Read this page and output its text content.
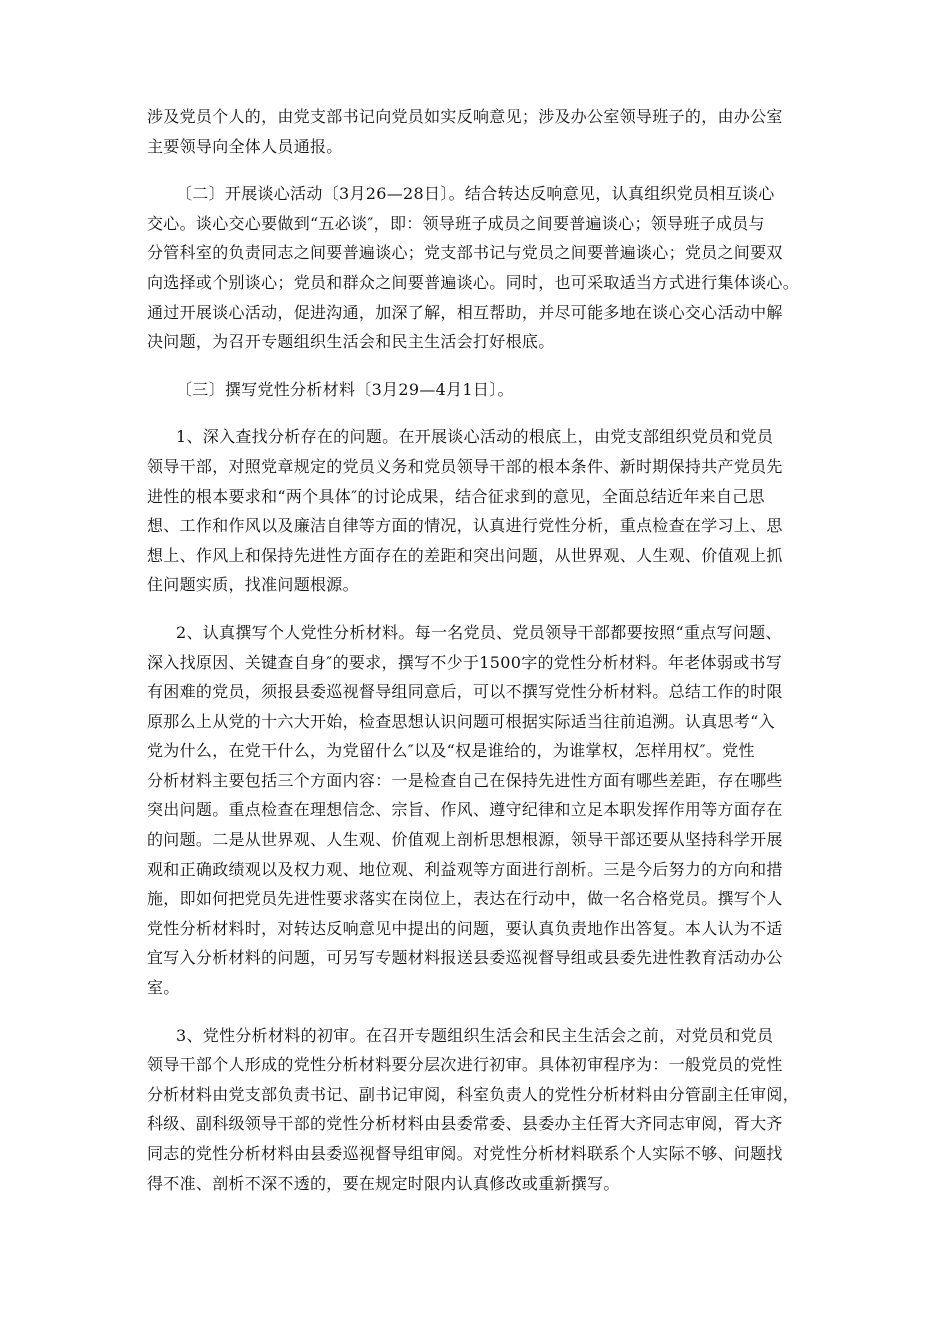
涉及党员个人的，由党支部书记向党员如实反响意见；涉及办公室领导班子的，由办公室
主要领导向全体人员通报。
〔二〕开展谈心活动〔3月26—28日〕。结合转达反响意见，认真组织党员相互谈心
交心。谈心交心要做到“五必谈″，即：领导班子成员之间要普遍谈心；领导班子成员与
分管科室的负责同志之间要普遍谈心；党支部书记与党员之间要普遍谈心；党员之间要双
向选择或个别谈心；党员和群众之间要普遍谈心。同时，也可采取适当方式进行集体谈心。
通过开展谈心活动，促进沟通，加深了解，相互帮助，并尽可能多地在谈心交心活动中解
决问题，为召开专题组织生活会和民主生活会打好根底。
〔三〕撰写党性分析材料〔3月29—4月1日〕。
1、深入查找分析存在的问题。在开展谈心活动的根底上，由党支部组织党员和党员
领导干部，对照党章规定的党员义务和党员领导干部的根本条件、新时期保持共产党员先
进性的根本要求和“两个具体″的讨论成果，结合征求到的意见，全面总结近年来自己思
想、工作和作风以及廉洁自律等方面的情况，认真进行党性分析，重点检查在学习上、思
想上、作风上和保持先进性方面存在的差距和突出问题，从世界观、人生观、价值观上抓
住问题实质，找准问题根源。
2、认真撰写个人党性分析材料。每一名党员、党员领导干部都要按照“重点写问题、
深入找原因、关键查自身″的要求，撰写不少于1500字的党性分析材料。年老体弱或书写
有困难的党员，须报县委巡视督导组同意后，可以不撰写党性分析材料。总结工作的时限
原那么上从党的十六大开始，检查思想认识问题可根据实际适当往前追溯。认真思考“入
党为什么，在党干什么，为党留什么″以及“权是谁给的，为谁掌权，怎样用权″。党性
分析材料主要包括三个方面内容：一是检查自己在保持先进性方面有哪些差距，存在哪些
突出问题。重点检查在理想信念、宗旨、作风、遵守纪律和立足本职发挥作用等方面存在
的问题。二是从世界观、人生观、价值观上剖析思想根源，领导干部还要从坚持科学开展
观和正确政绩观以及权力观、地位观、利益观等方面进行剖析。三是今后努力的方向和措
施，即如何把党员先进性要求落实在岗位上，表达在行动中，做一名合格党员。撰写个人
党性分析材料时，对转达反响意见中提出的问题，要认真负责地作出答复。本人认为不适
宜写入分析材料的问题，可另写专题材料报送县委巡视督导组或县委先进性教育活动办公
室。
3、党性分析材料的初审。在召开专题组织生活会和民主生活会之前，对党员和党员
领导干部个人形成的党性分析材料要分层次进行初审。具体初审程序为：一般党员的党性
分析材料由党支部负责书记、副书记审阅，科室负责人的党性分析材料由分管副主任审阅，
科级、副科级领导干部的党性分析材料由县委常委、县委办主任胥大齐同志审阅，胥大齐
同志的党性分析材料由县委巡视督导组审阅。对党性分析材料联系个人实际不够、问题找
得不准、剖析不深不透的，要在规定时限内认真修改或重新撰写。
